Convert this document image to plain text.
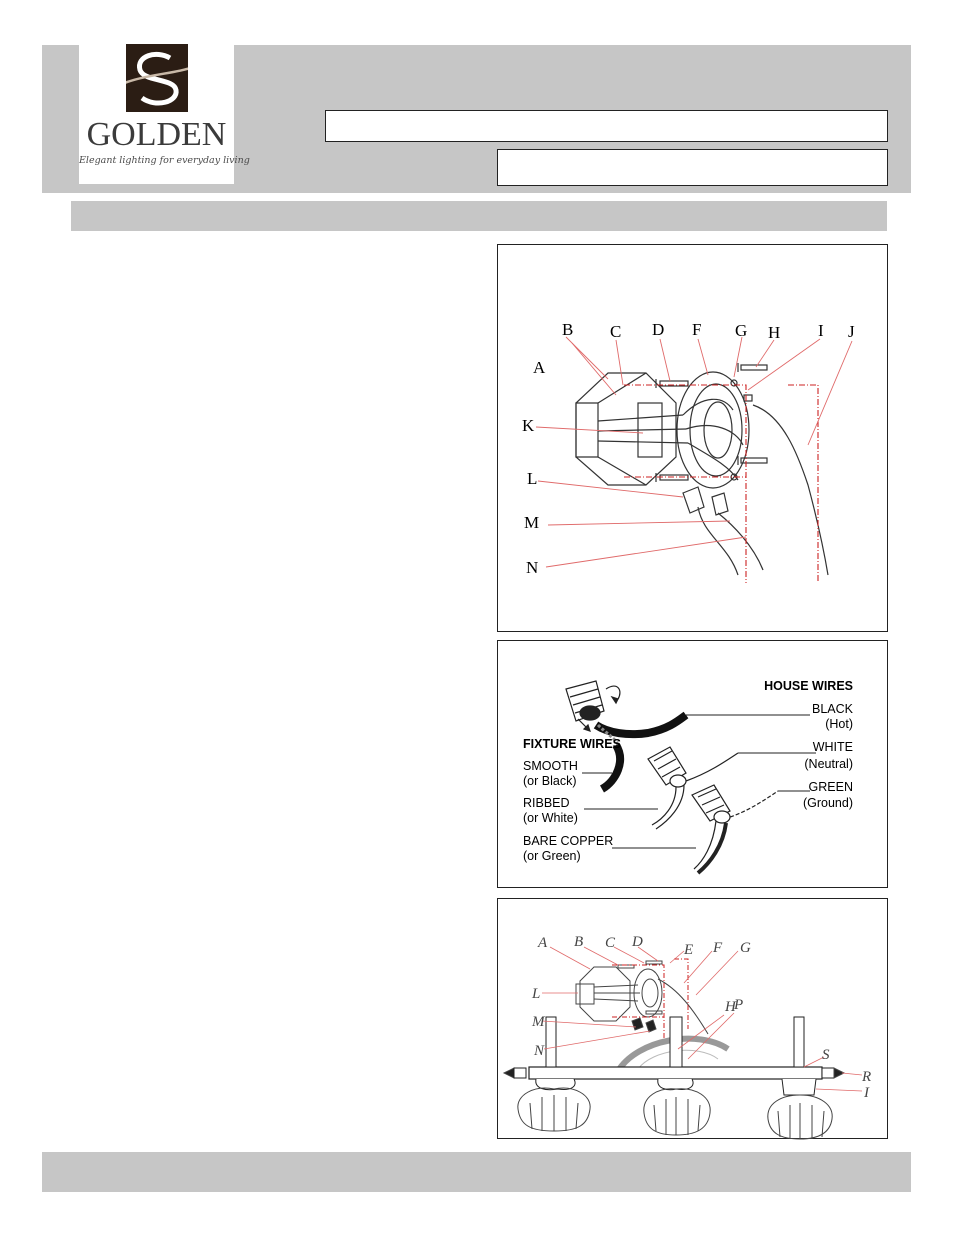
GOLDEN
Elegant lighting for everyday living
B C D F G H I J
A
K
L
M
N
HOUSE WIRES
FIXTURE WIRES
BLACK
(Hot)
WHITE
(Neutral)
GREEN
(Ground)
SMOOTH
(or Black)
RIBBED
(or White)
BARE COPPER
(or Green)
A B C D	E F G
L
H
P
M
N	S
R
I
